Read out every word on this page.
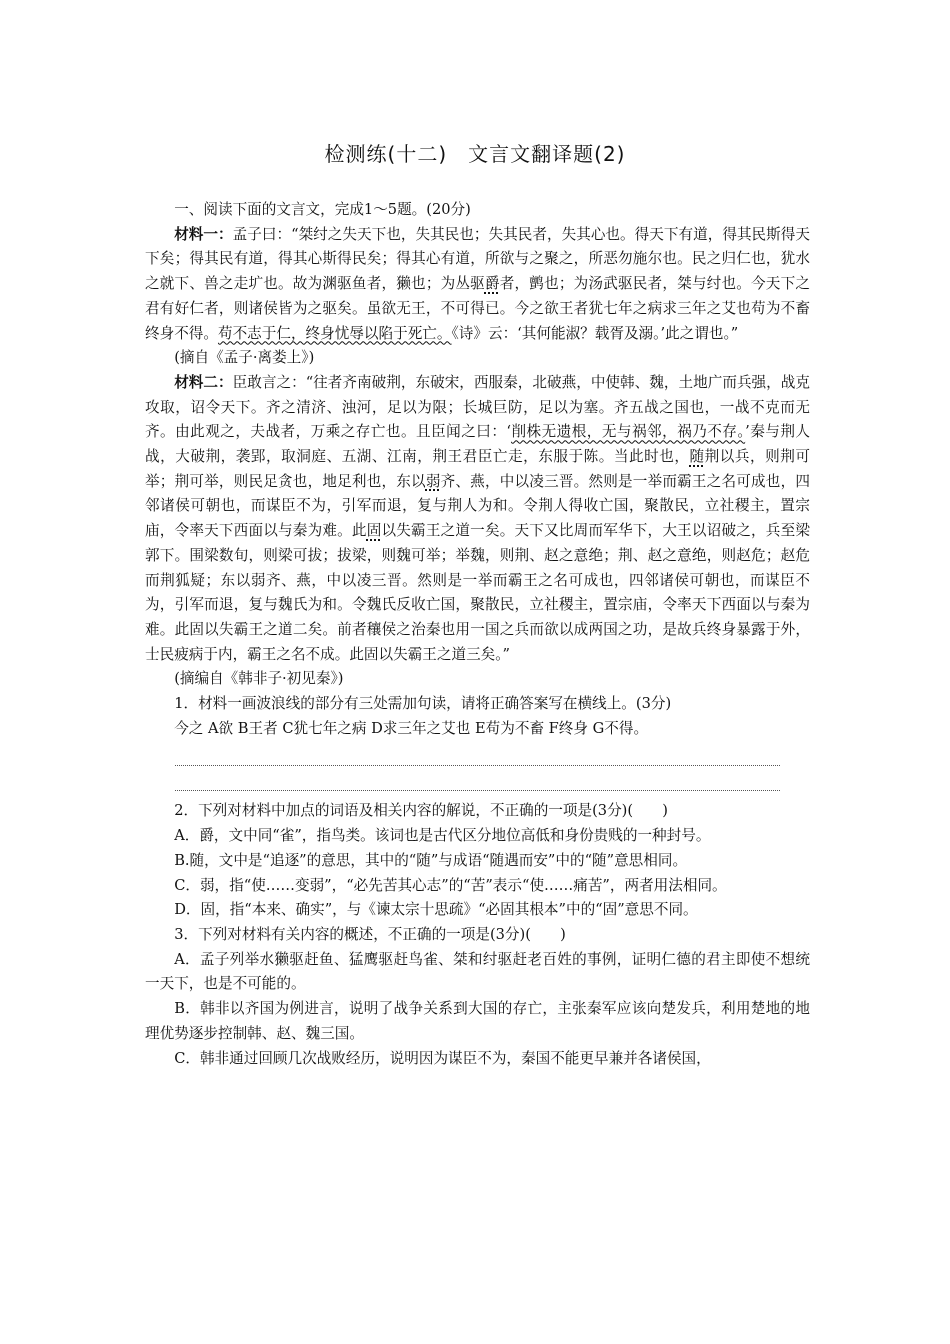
检测练(十二)　文言文翻译题(2)

一、阅读下面的文言文，完成1～5题。(20分)

材料一：孟子曰：“桀纣之失天下也，失其民也；失其民者，失其心也。得天下有道，得其民斯得天下矣；得其民有道，得其心斯得民矣；得其心有道，所欲与之聚之，所恶勿施尔也。民之归仁也，犹水之就下、兽之走圹也。故为渊驱鱼者，獭也；为丛驱爵者，鹯也；为汤武驱民者，桀与纣也。今天下之君有好仁者，则诸侯皆为之驱矣。虽欲无王，不可得已。今之欲王者犹七年之病求三年之艾也苟为不畜终身不得。苟不志于仁，终身忧辱以陷于死亡。《诗》云：‘其何能淑？载胥及溺。’此之谓也。”

(摘自《孟子·离娄上》)

材料二：臣敢言之：“往者齐南破荆，东破宋，西服秦，北破燕，中使韩、魏，土地广而兵强，战克攻取，诏令天下。齐之清济、浊河，足以为限；长城巨防，足以为塞。齐五战之国也，一战不克而无齐。由此观之，夫战者，万乘之存亡也。且臣闻之曰：‘削株无遗根，无与祸邻，祸乃不存。’秦与荆人战，大破荆，袭郢，取洞庭、五湖、江南，荆王君臣亡走，东服于陈。当此时也，随荆以兵，则荆可举；荆可举，则民足贪也，地足利也，东以弱齐、燕，中以凌三晋。然则是一举而霸王之名可成也，四邻诸侯可朝也，而谋臣不为，引军而退，复与荆人为和。令荆人得收亡国，聚散民，立社稷主，置宗庙，令率天下西面以与秦为难。此固以失霸王之道一矣。天下又比周而军华下，大王以诏破之，兵至梁郭下。围梁数旬，则梁可拔；拔梁，则魏可举；举魏，则荆、赵之意绝；荆、赵之意绝，则赵危；赵危而荆狐疑；东以弱齐、燕，中以凌三晋。然则是一举而霸王之名可成也，四邻诸侯可朝也，而谋臣不为，引军而退，复与魏氏为和。令魏氏反收亡国，聚散民，立社稷主，置宗庙，令率天下西面以与秦为难。此固以失霸王之道二矣。前者穰侯之治秦也用一国之兵而欲以成两国之功，是故兵终身暴露于外，士民疲病于内，霸王之名不成。此固以失霸王之道三矣。”

(摘编自《韩非子·初见秦》)

1．材料一画波浪线的部分有三处需加句读，请将正确答案写在横线上。(3分)

今之 A欲 B王者 C犹七年之病 D求三年之艾也 E苟为不畜 F终身 G不得。

2．下列对材料中加点的词语及相关内容的解说，不正确的一项是(3分)(　　)

A．爵，文中同“雀”，指鸟类。该词也是古代区分地位高低和身份贵贱的一种封号。

B.随，文中是“追逐”的意思，其中的“随”与成语“随遇而安”中的“随”意思相同。

C．弱，指“使……变弱”，“必先苦其心志”的“苦”表示“使……痛苦”，两者用法相同。

D．固，指“本来、确实”，与《谏太宗十思疏》“必固其根本”中的“固”意思不同。

3．下列对材料有关内容的概述，不正确的一项是(3分)(　　)

A．孟子列举水獭驱赶鱼、猛鹰驱赶鸟雀、桀和纣驱赶老百姓的事例，证明仁德的君主即使不想统一天下，也是不可能的。

B．韩非以齐国为例进言，说明了战争关系到大国的存亡，主张秦军应该向楚发兵，利用楚地的地理优势逐步控制韩、赵、魏三国。

C．韩非通过回顾几次战败经历，说明因为谋臣不为，秦国不能更早兼并各诸侯国，
